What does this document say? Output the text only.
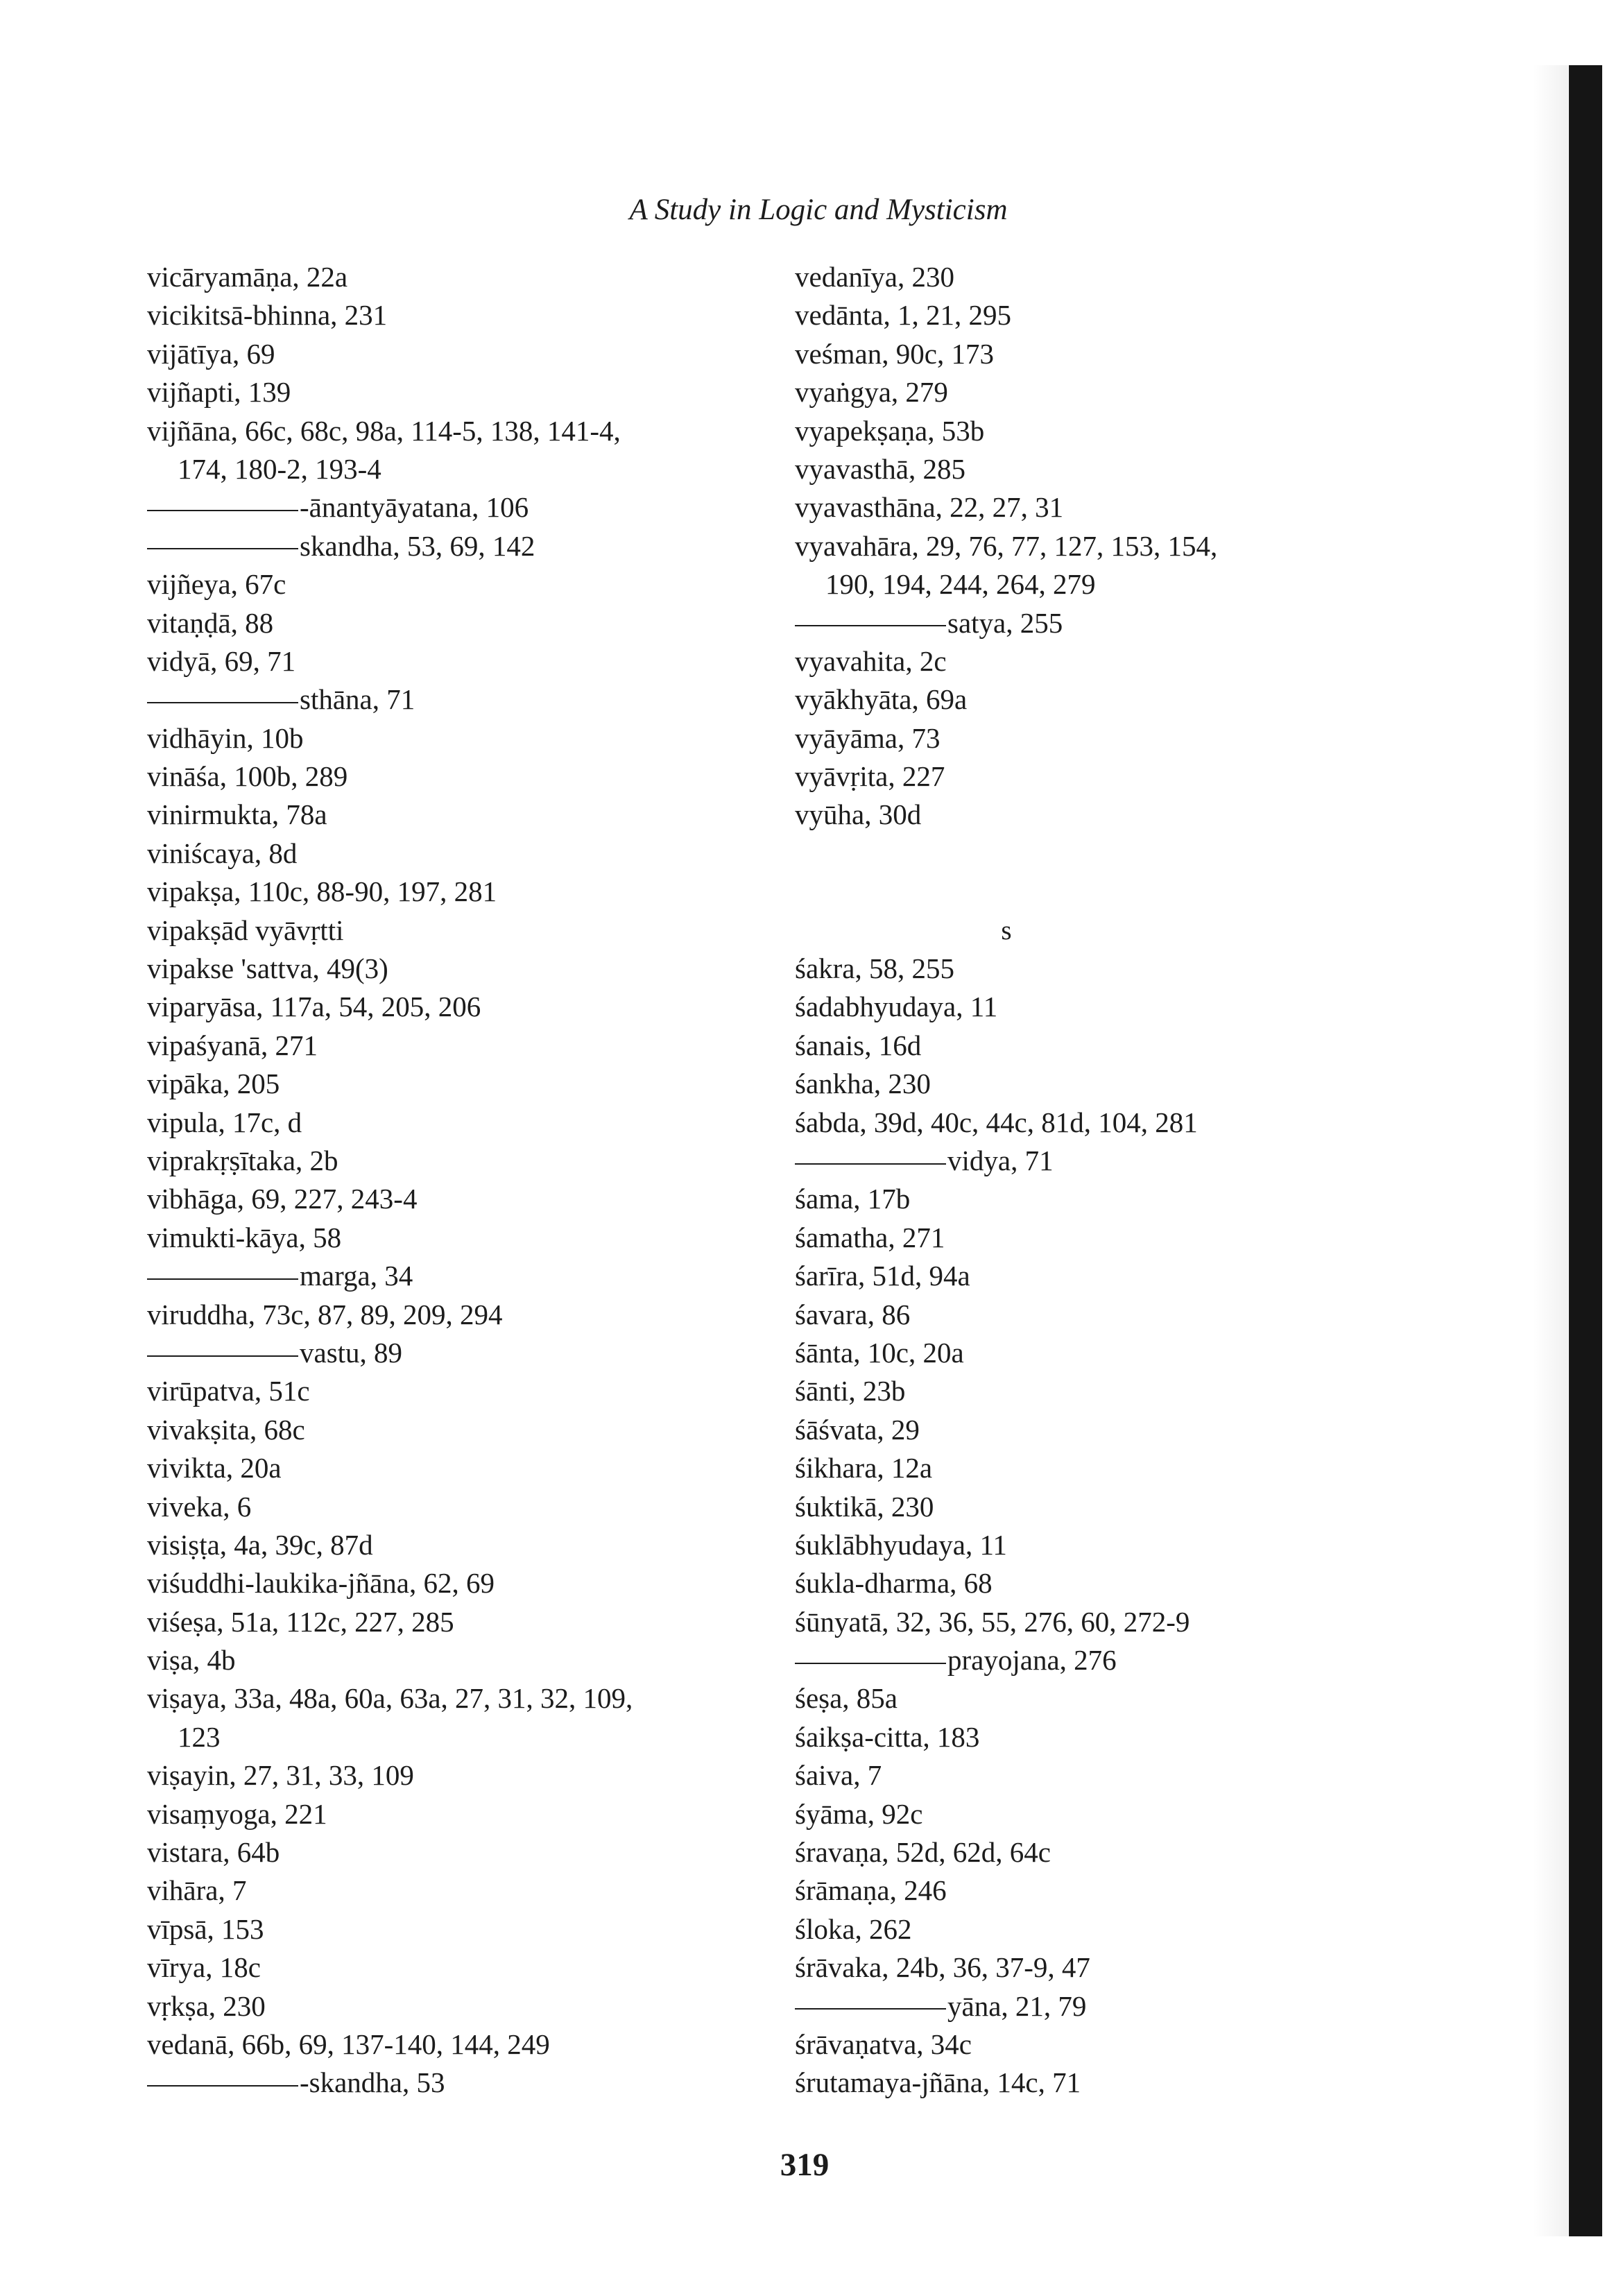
A Study in Logic and Mysticism
vicāryamāṇa, 22a
vicikitsā-bhinna, 231
vijātīya, 69
vijñapti, 139
vijñāna, 66c, 68c, 98a, 114-5, 138, 141-4,
174, 180-2, 193-4
-ānantyāyatana, 106
skandha, 53, 69, 142
vijñeya, 67c
vitaṇḍā, 88
vidyā, 69, 71
sthāna, 71
vidhāyin, 10b
vināśa, 100b, 289
vinirmukta, 78a
viniścaya, 8d
vipakṣa, 110c, 88-90, 197, 281
vipakṣād vyāvṛtti
vipakse 'sattva, 49(3)
viparyāsa, 117a, 54, 205, 206
vipaśyanā, 271
vipāka, 205
vipula, 17c, d
viprakṛṣītaka, 2b
vibhāga, 69, 227, 243-4
vimukti-kāya, 58
marga, 34
viruddha, 73c, 87, 89, 209, 294
vastu, 89
virūpatva, 51c
vivakṣita, 68c
vivikta, 20a
viveka, 6
visiṣṭa, 4a, 39c, 87d
viśuddhi-laukika-jñāna, 62, 69
viśeṣa, 51a, 112c, 227, 285
viṣa, 4b
viṣaya, 33a, 48a, 60a, 63a, 27, 31, 32, 109,
123
viṣayin, 27, 31, 33, 109
visaṃyoga, 221
vistara, 64b
vihāra, 7
vīpsā, 153
vīrya, 18c
vṛkṣa, 230
vedanā, 66b, 69, 137-140, 144, 249
-skandha, 53
vedanīya, 230
vedānta, 1, 21, 295
veśman, 90c, 173
vyaṅgya, 279
vyapekṣaṇa, 53b
vyavasthā, 285
vyavasthāna, 22, 27, 31
vyavahāra, 29, 76, 77, 127, 153, 154,
190, 194, 244, 264, 279
satya, 255
vyavahita, 2c
vyākhyāta, 69a
vyāyāma, 73
vyāvṛita, 227
vyūha, 30d
s
śakra, 58, 255
śadabhyudaya, 11
śanais, 16d
śankha, 230
śabda, 39d, 40c, 44c, 81d, 104, 281
vidya, 71
śama, 17b
śamatha, 271
śarīra, 51d, 94a
śavara, 86
śānta, 10c, 20a
śānti, 23b
śāśvata, 29
śikhara, 12a
śuktikā, 230
śuklābhyudaya, 11
śukla-dharma, 68
śūnyatā, 32, 36, 55, 276, 60, 272-9
prayojana, 276
śeṣa, 85a
śaikṣa-citta, 183
śaiva, 7
śyāma, 92c
śravaṇa, 52d, 62d, 64c
śrāmaṇa, 246
śloka, 262
śrāvaka, 24b, 36, 37-9, 47
yāna, 21, 79
śrāvaṇatva, 34c
śrutamaya-jñāna, 14c, 71
319
